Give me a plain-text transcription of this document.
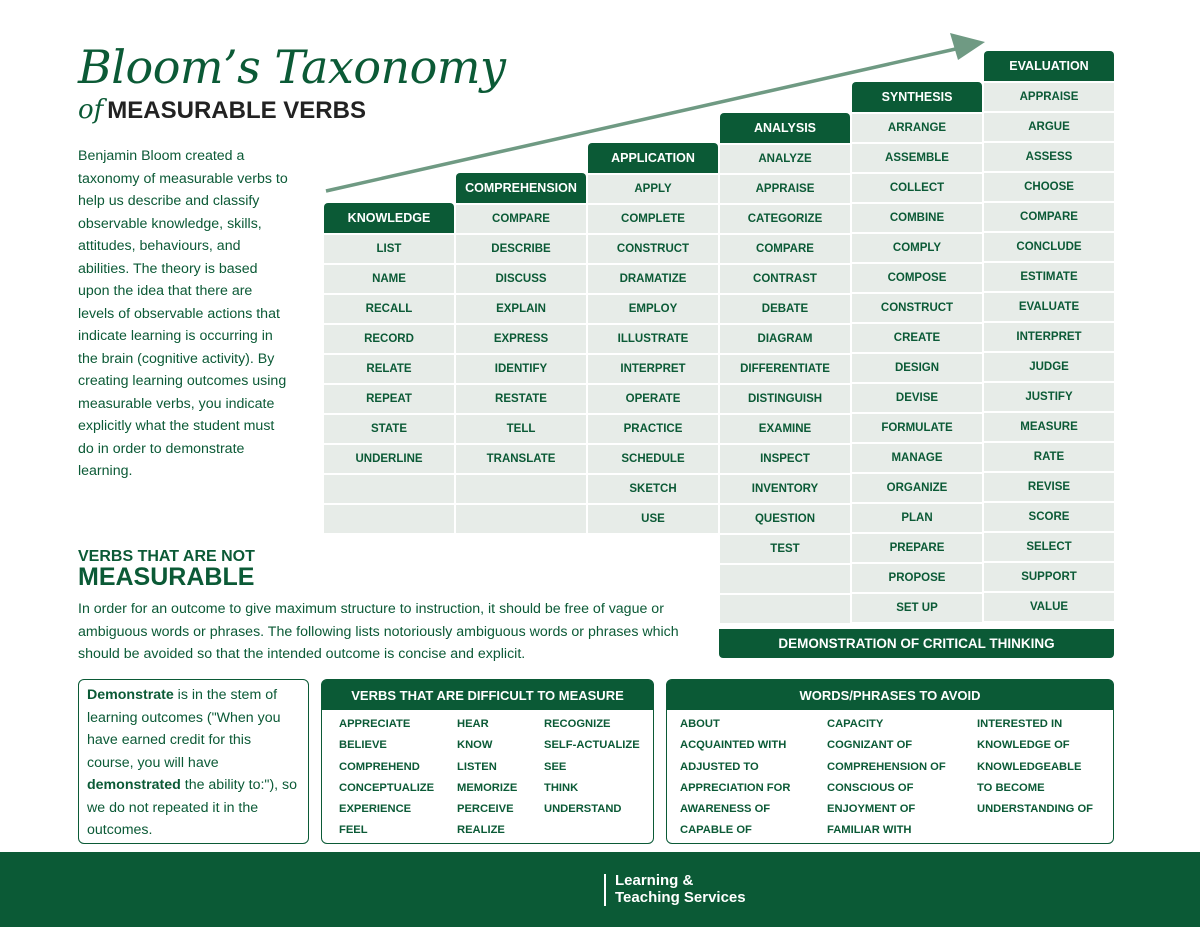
Bloom’s Taxonomy
of MEASURABLE VERBS
Benjamin Bloom created a taxonomy of measurable verbs to help us describe and classify observable knowledge, skills, attitudes, behaviours, and abilities. The theory is based upon the idea that there are levels of observable actions that indicate learning is occurring in the brain (cognitive activity). By creating learning outcomes using measurable verbs, you indicate explicitly what the student must do in order to demonstrate learning.
KNOWLEDGE
LIST
NAME
RECALL
RECORD
RELATE
REPEAT
STATE
UNDERLINE
COMPREHENSION
COMPARE
DESCRIBE
DISCUSS
EXPLAIN
EXPRESS
IDENTIFY
RESTATE
TELL
TRANSLATE
APPLICATION
APPLY
COMPLETE
CONSTRUCT
DRAMATIZE
EMPLOY
ILLUSTRATE
INTERPRET
OPERATE
PRACTICE
SCHEDULE
SKETCH
USE
ANALYSIS
ANALYZE
APPRAISE
CATEGORIZE
COMPARE
CONTRAST
DEBATE
DIAGRAM
DIFFERENTIATE
DISTINGUISH
EXAMINE
INSPECT
INVENTORY
QUESTION
TEST
SYNTHESIS
ARRANGE
ASSEMBLE
COLLECT
COMBINE
COMPLY
COMPOSE
CONSTRUCT
CREATE
DESIGN
DEVISE
FORMULATE
MANAGE
ORGANIZE
PLAN
PREPARE
PROPOSE
SET UP
EVALUATION
APPRAISE
ARGUE
ASSESS
CHOOSE
COMPARE
CONCLUDE
ESTIMATE
EVALUATE
INTERPRET
JUDGE
JUSTIFY
MEASURE
RATE
REVISE
SCORE
SELECT
SUPPORT
VALUE
DEMONSTRATION OF CRITICAL THINKING
VERBS THAT ARE NOT
MEASURABLE
In order for an outcome to give maximum structure to instruction, it should be free of vague or ambiguous words or phrases. The following lists notoriously ambiguous words or phrases which should be avoided so that the intended outcome is concise and explicit.
Demonstrate is in the stem of learning outcomes ("When you have earned credit for this course, you will have demonstrated the ability to:"), so we do not repeated it in the outcomes.
VERBS THAT ARE DIFFICULT TO MEASURE
APPRECIATE
BELIEVE
COMPREHEND
CONCEPTUALIZE
EXPERIENCE
FEEL
HEAR
KNOW
LISTEN
MEMORIZE
PERCEIVE
REALIZE
RECOGNIZE
SELF-ACTUALIZE
SEE
THINK
UNDERSTAND
WORDS/PHRASES TO AVOID
ABOUT
ACQUAINTED WITH
ADJUSTED TO
APPRECIATION FOR
AWARENESS OF
CAPABLE OF
CAPACITY
COGNIZANT OF
COMPREHENSION OF
CONSCIOUS OF
ENJOYMENT OF
FAMILIAR WITH
INTERESTED IN
KNOWLEDGE OF
KNOWLEDGEABLE
TO BECOME
UNDERSTANDING OF
Learning &
Teaching Services
